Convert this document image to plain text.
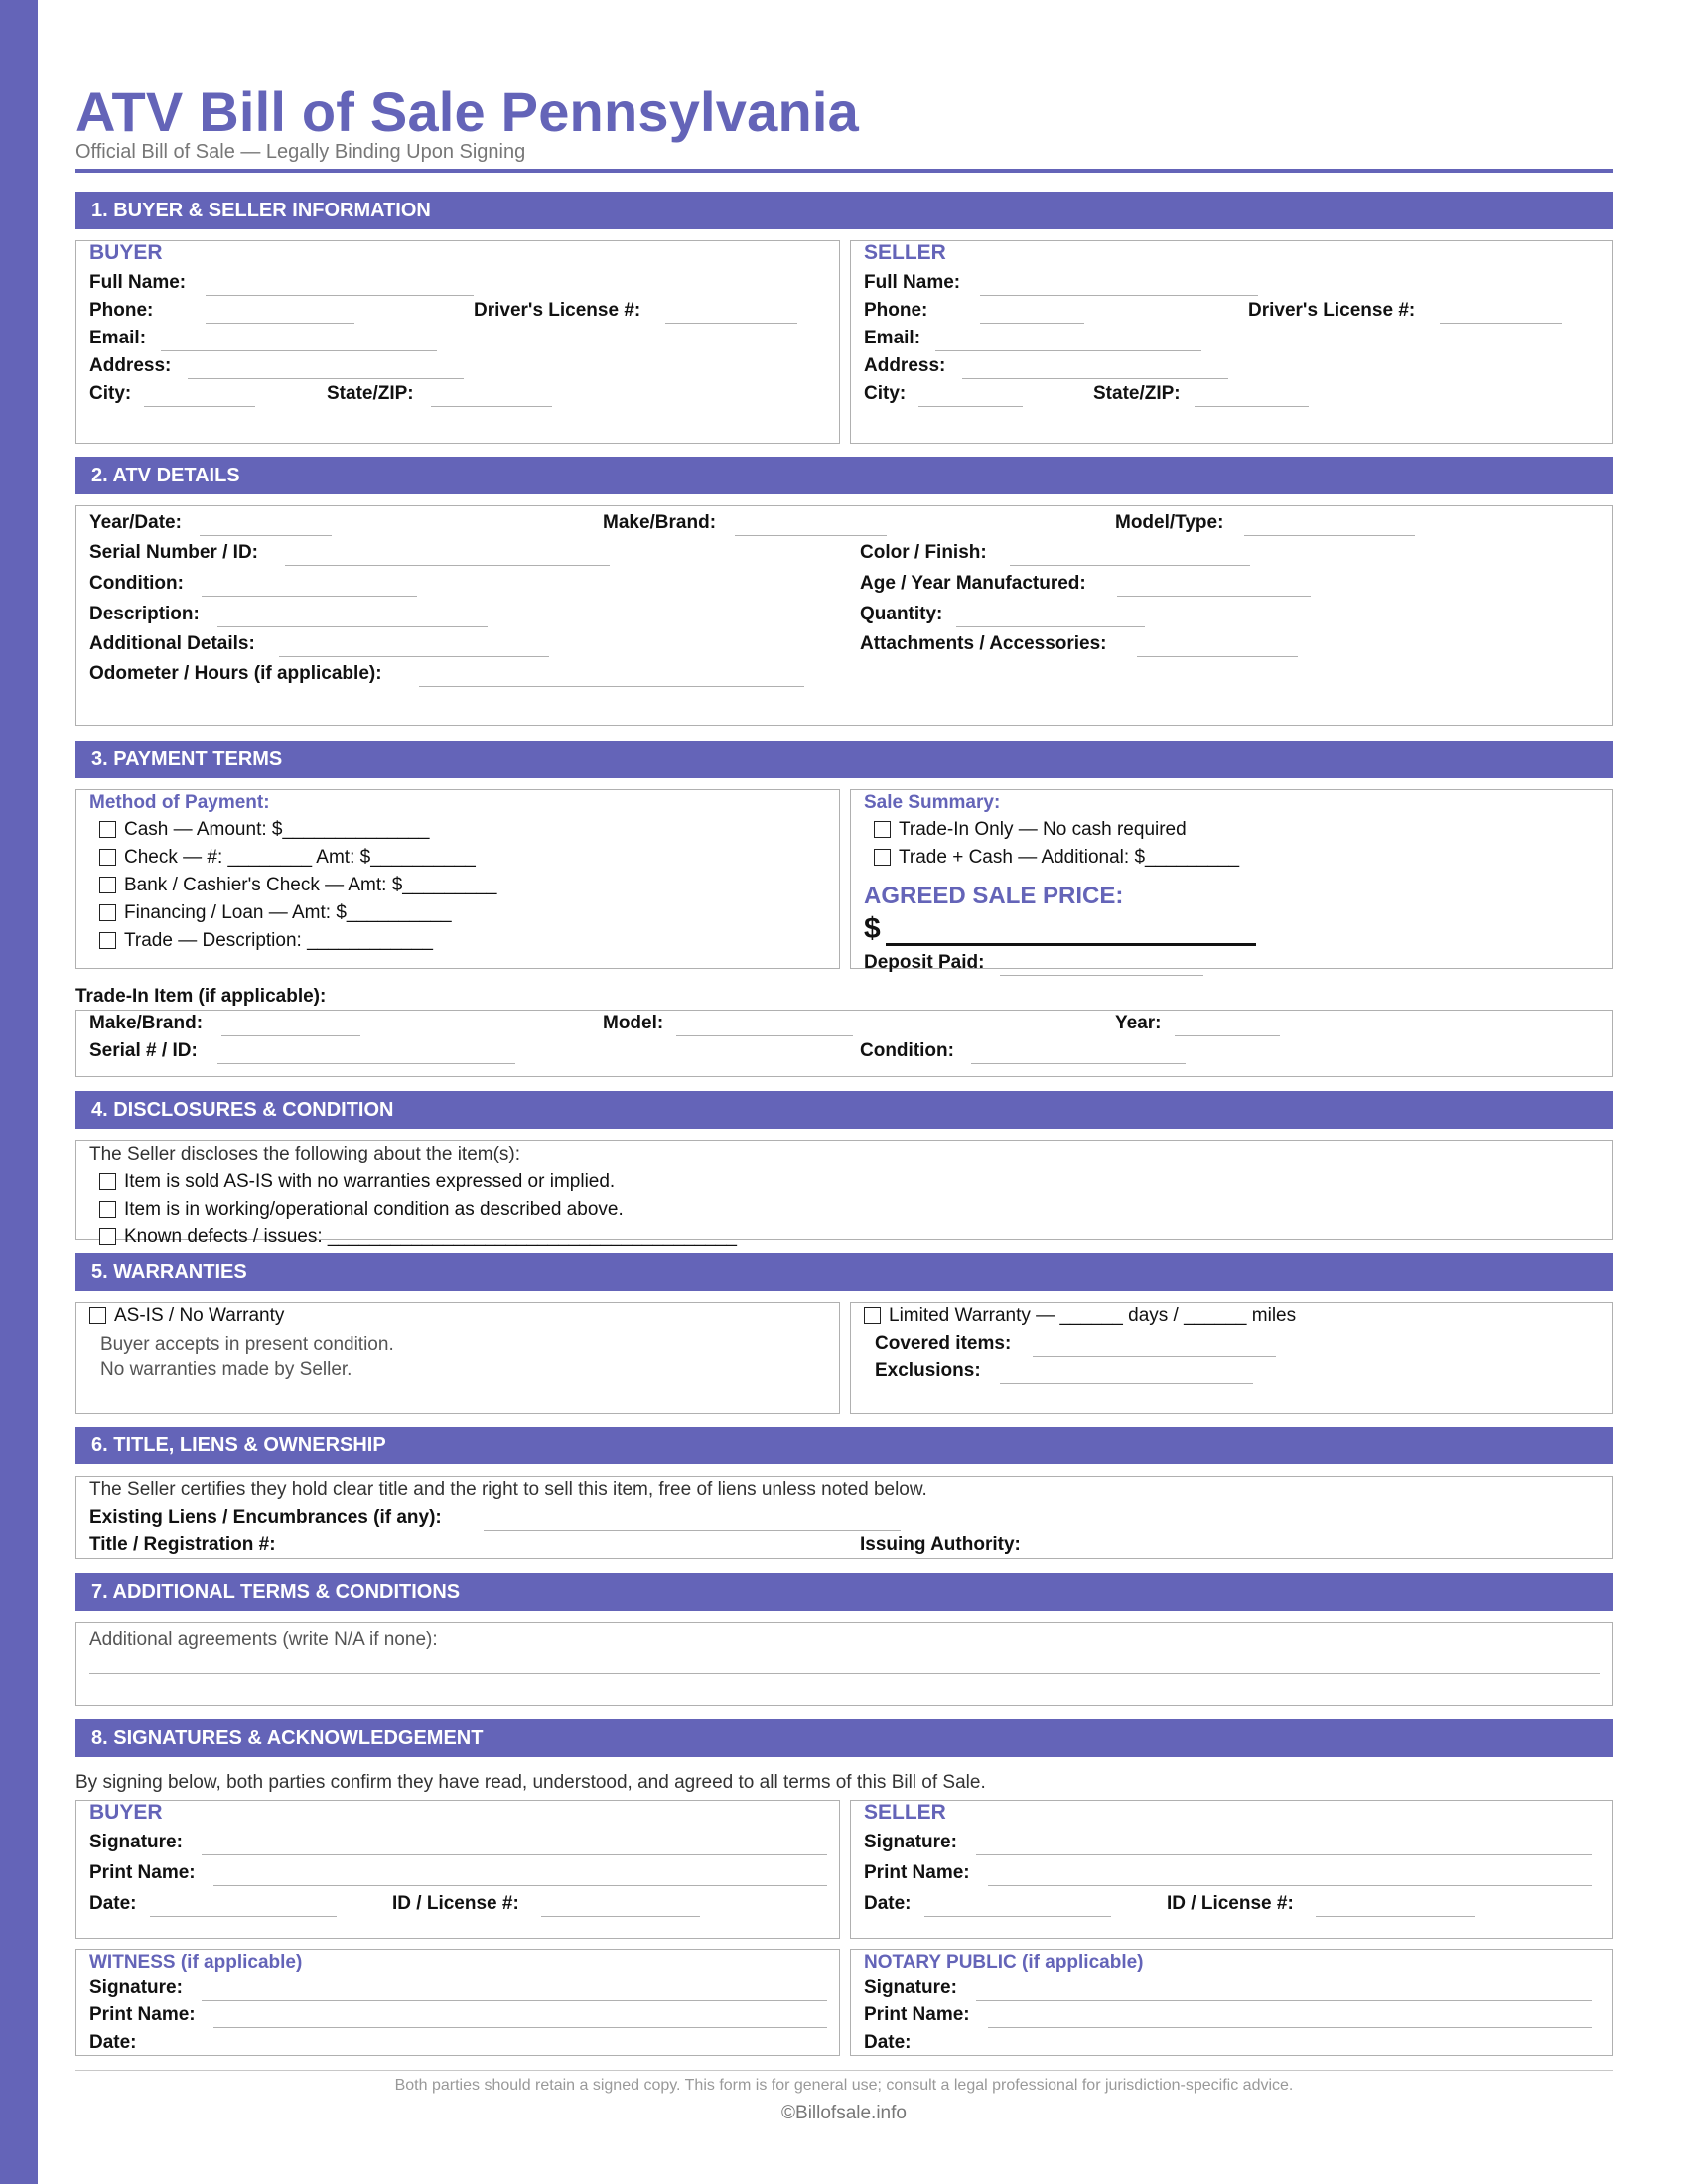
ATV Bill of Sale Pennsylvania
Official Bill of Sale — Legally Binding Upon Signing
1. BUYER & SELLER INFORMATION
BUYER
Full Name:
Phone:	Driver's License #:
Email:
Address:
City:	State/ZIP:
SELLER
Full Name:
Phone:	Driver's License #:
Email:
Address:
City:	State/ZIP:
2. ATV DETAILS
Year/Date:	Make/Brand:	Model/Type:
Serial Number / ID:	Color / Finish:
Condition:	Age / Year Manufactured:
Description:	Quantity:
Additional Details:	Attachments / Accessories:
Odometer / Hours (if applicable):
3. PAYMENT TERMS
Method of Payment:
Cash — Amount: $______________
Check — #: ________ Amt: $__________
Bank / Cashier's Check — Amt: $_________
Financing / Loan — Amt: $__________
Trade — Description: ____________
Sale Summary:
Trade-In Only — No cash required
Trade + Cash — Additional: $_________
AGREED SALE PRICE:
$
Deposit Paid:
Trade-In Item (if applicable):
Make/Brand:	Model:	Year:
Serial # / ID:	Condition:
4. DISCLOSURES & CONDITION
The Seller discloses the following about the item(s):
Item is sold AS-IS with no warranties expressed or implied.
Item is in working/operational condition as described above.
Known defects / issues: _______________________________________
5. WARRANTIES
AS-IS / No Warranty
Buyer accepts in present condition.
No warranties made by Seller.
Limited Warranty — ______ days / ______ miles
Covered items:
Exclusions:
6. TITLE, LIENS & OWNERSHIP
The Seller certifies they hold clear title and the right to sell this item, free of liens unless noted below.
Existing Liens / Encumbrances (if any):
Title / Registration #:	Issuing Authority:
7. ADDITIONAL TERMS & CONDITIONS
Additional agreements (write N/A if none):
8. SIGNATURES & ACKNOWLEDGEMENT
By signing below, both parties confirm they have read, understood, and agreed to all terms of this Bill of Sale.
BUYER
Signature:
Print Name:
Date:	ID / License #:
SELLER
Signature:
Print Name:
Date:	ID / License #:
WITNESS (if applicable)
Signature:
Print Name:
Date:
NOTARY PUBLIC (if applicable)
Signature:
Print Name:
Date:
Both parties should retain a signed copy. This form is for general use; consult a legal professional for jurisdiction-specific advice.
©Billofsale.info
